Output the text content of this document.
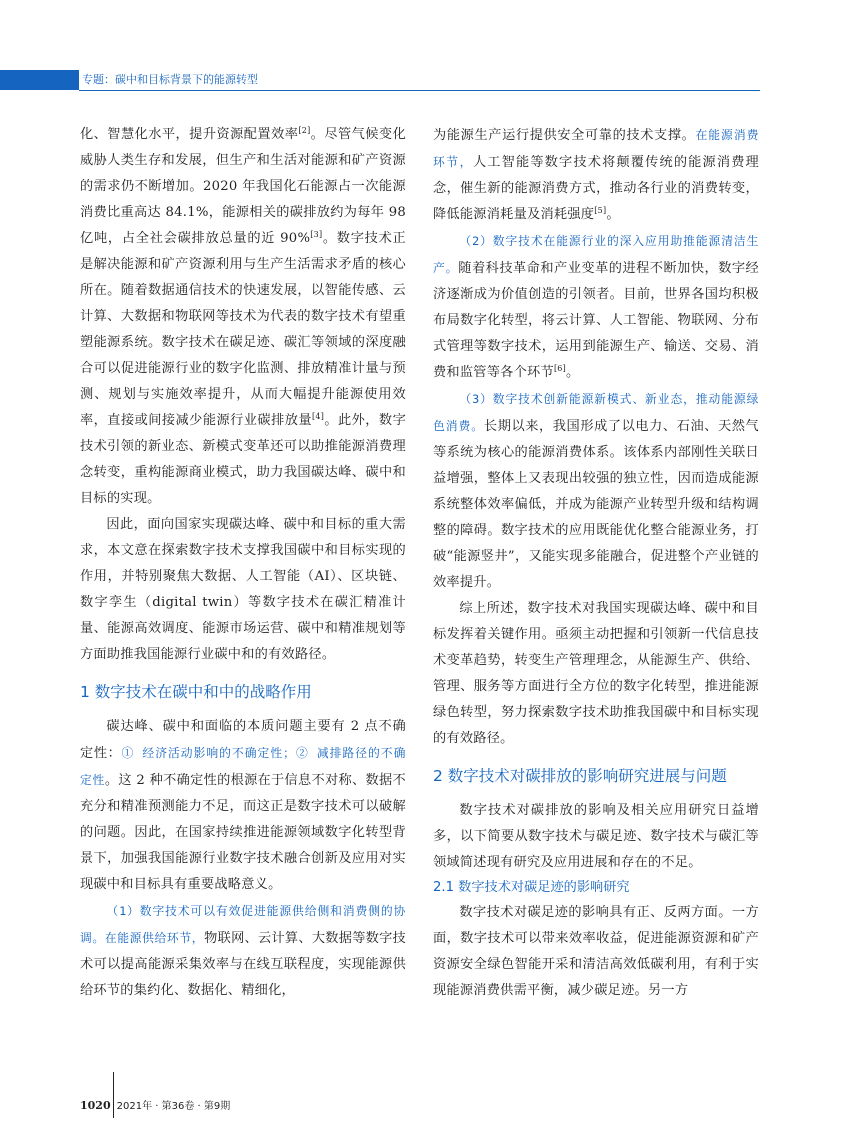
专题：碳中和目标背景下的能源转型

化、智慧化水平，提升资源配置效率[2]。尽管气候变化威胁人类生存和发展，但生产和生活对能源和矿产资源的需求仍不断增加。2020 年我国化石能源占一次能源消费比重高达 84.1%，能源相关的碳排放约为每年 98 亿吨，占全社会碳排放总量的近 90%[3]。数字技术正是解决能源和矿产资源利用与生产生活需求矛盾的核心所在。随着数据通信技术的快速发展，以智能传感、云计算、大数据和物联网等技术为代表的数字技术有望重塑能源系统。数字技术在碳足迹、碳汇等领域的深度融合可以促进能源行业的数字化监测、排放精准计量与预测、规划与实施效率提升，从而大幅提升能源使用效率，直接或间接减少能源行业碳排放量[4]。此外，数字技术引领的新业态、新模式变革还可以助推能源消费理念转变，重构能源商业模式，助力我国碳达峰、碳中和目标的实现。

因此，面向国家实现碳达峰、碳中和目标的重大需求，本文意在探索数字技术支撑我国碳中和目标实现的作用，并特别聚焦大数据、人工智能（AI）、区块链、数字孪生（digital twin）等数字技术在碳汇精准计量、能源高效调度、能源市场运营、碳中和精准规划等方面助推我国能源行业碳中和的有效路径。

1 数字技术在碳中和中的战略作用

碳达峰、碳中和面临的本质问题主要有 2 点不确定性：① 经济活动影响的不确定性；② 减排路径的不确定性。这 2 种不确定性的根源在于信息不对称、数据不充分和精准预测能力不足，而这正是数字技术可以破解的问题。因此，在国家持续推进能源领域数字化转型背景下，加强我国能源行业数字技术融合创新及应用对实现碳中和目标具有重要战略意义。

（1）数字技术可以有效促进能源供给侧和消费侧的协调。在能源供给环节，物联网、云计算、大数据等数字技术可以提高能源采集效率与在线互联程度，实现能源供给环节的集约化、数据化、精细化，

为能源生产运行提供安全可靠的技术支撑。在能源消费环节，人工智能等数字技术将颠覆传统的能源消费理念，催生新的能源消费方式，推动各行业的消费转变，降低能源消耗量及消耗强度[5]。

（2）数字技术在能源行业的深入应用助推能源清洁生产。随着科技革命和产业变革的进程不断加快，数字经济逐渐成为价值创造的引领者。目前，世界各国均积极布局数字化转型，将云计算、人工智能、物联网、分布式管理等数字技术，运用到能源生产、输送、交易、消费和监管等各个环节[6]。

（3）数字技术创新能源新模式、新业态，推动能源绿色消费。长期以来，我国形成了以电力、石油、天然气等系统为核心的能源消费体系。该体系内部刚性关联日益增强，整体上又表现出较强的独立性，因而造成能源系统整体效率偏低，并成为能源产业转型升级和结构调整的障碍。数字技术的应用既能优化整合能源业务，打破“能源竖井”，又能实现多能融合，促进整个产业链的效率提升。

综上所述，数字技术对我国实现碳达峰、碳中和目标发挥着关键作用。亟须主动把握和引领新一代信息技术变革趋势，转变生产管理理念，从能源生产、供给、管理、服务等方面进行全方位的数字化转型，推进能源绿色转型，努力探索数字技术助推我国碳中和目标实现的有效路径。

2 数字技术对碳排放的影响研究进展与问题

数字技术对碳排放的影响及相关应用研究日益增多，以下简要从数字技术与碳足迹、数字技术与碳汇等领域简述现有研究及应用进展和存在的不足。

2.1 数字技术对碳足迹的影响研究

数字技术对碳足迹的影响具有正、反两方面。一方面，数字技术可以带来效率收益，促进能源资源和矿产资源安全绿色智能开采和清洁高效低碳利用，有利于实现能源消费供需平衡，减少碳足迹。另一方

1020 2021年 · 第36卷 · 第9期
